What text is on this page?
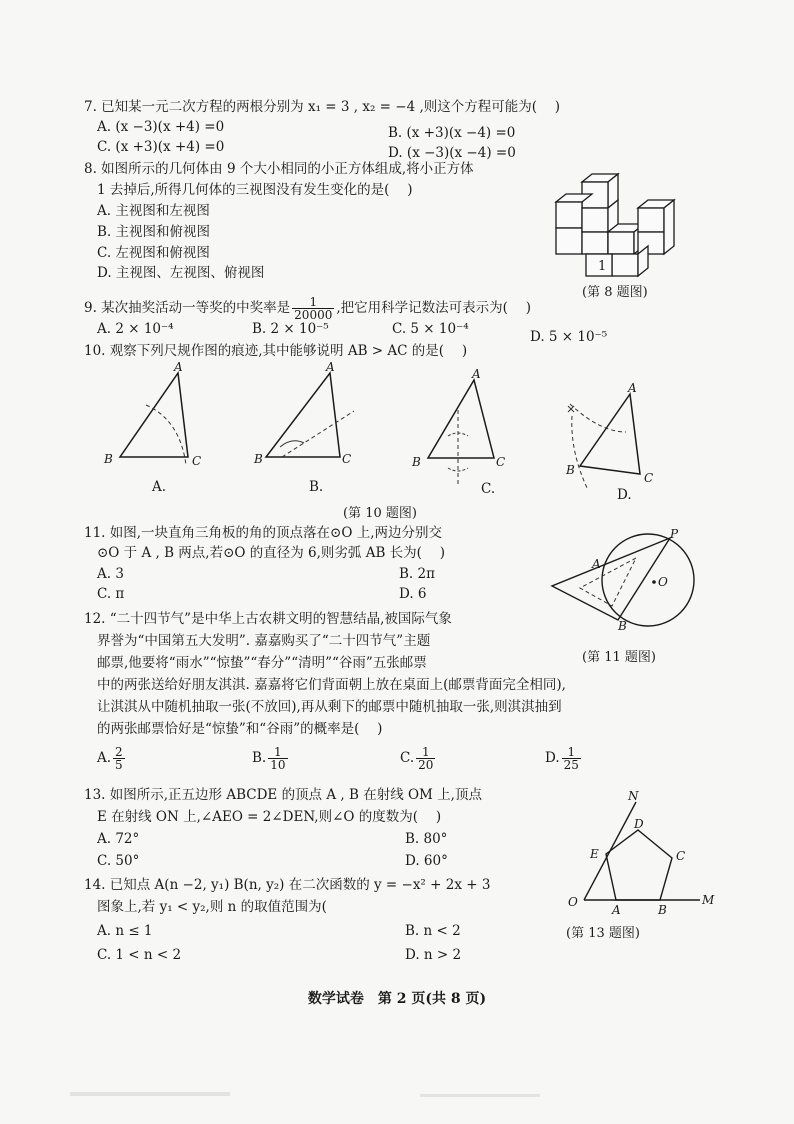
7. 已知某一元二次方程的两根分别为 x₁ = 3 , x₂ = −4 ,则这个方程可能为(　 )
A. (x −3)(x +4) =0	B. (x +3)(x −4) =0
C. (x +3)(x +4) =0	D. (x −3)(x −4) =0
8. 如图所示的几何体由 9 个大小相同的小正方体组成,将小正方体
1 去掉后,所得几何体的三视图没有发生变化的是(　 )
A. 主视图和左视图
B. 主视图和俯视图
C. 左视图和俯视图
D. 主视图、左视图、俯视图	1
(第 8 题图)
9. 某次抽奖活动一等奖的中奖率是 $\frac{1}{20000}$ ,把它用科学记数法可表示为(　 )
A. 2 × 10⁻⁴	B. 2 × 10⁻⁵	C. 5 × 10⁻⁴	D. 5 × 10⁻⁵
10. 观察下列尺规作图的痕迹,其中能够说明 AB > AC 的是(　 )
A
B	C
A.
A
B	C
B.
A
B	C
C.
A
B
C
D.
(第 10 题图)
11. 如图,一块直角三角板的角的顶点落在⊙O 上,两边分别交
⊙O 于 A , B 两点,若⊙O 的直径为 6,则劣弧 AB 长为(　 )
A. 3	B. 2π
C. π	D. 6
P
A
B
O
(第 11 题图)
12. “二十四节气”是中华上古农耕文明的智慧结晶,被国际气象
界誉为“中国第五大发明”. 嘉嘉购买了“二十四节气”主题
邮票,他要将“雨水”“惊蛰”“春分”“清明”“谷雨”五张邮票
中的两张送给好朋友淇淇. 嘉嘉将它们背面朝上放在桌面上(邮票背面完全相同),
让淇淇从中随机抽取一张(不放回),再从剩下的邮票中随机抽取一张,则淇淇抽到
的两张邮票恰好是“惊蛰”和“谷雨”的概率是(　 )
A. $\frac{2}{5}$	B. $\frac{1}{10}$	C. $\frac{1}{20}$	D. $\frac{1}{25}$
13. 如图所示,正五边形 ABCDE 的顶点 A , B 在射线 OM 上,顶点
E 在射线 ON 上,∠AEO = 2∠DEN,则∠O 的度数为(　 )
A. 72°	B. 80°
C. 50°	D. 60°
N
D
C
E
O
A	B
M
(第 13 题图)
14. 已知点 A(n −2, y₁) B(n, y₂) 在二次函数的 y = −x² + 2x + 3
图象上,若 y₁ < y₂,则 n 的取值范围为(
A. n ≤ 1	B. n < 2
C. 1 < n < 2	D. n > 2
数学试卷　第 2 页(共 8 页)
